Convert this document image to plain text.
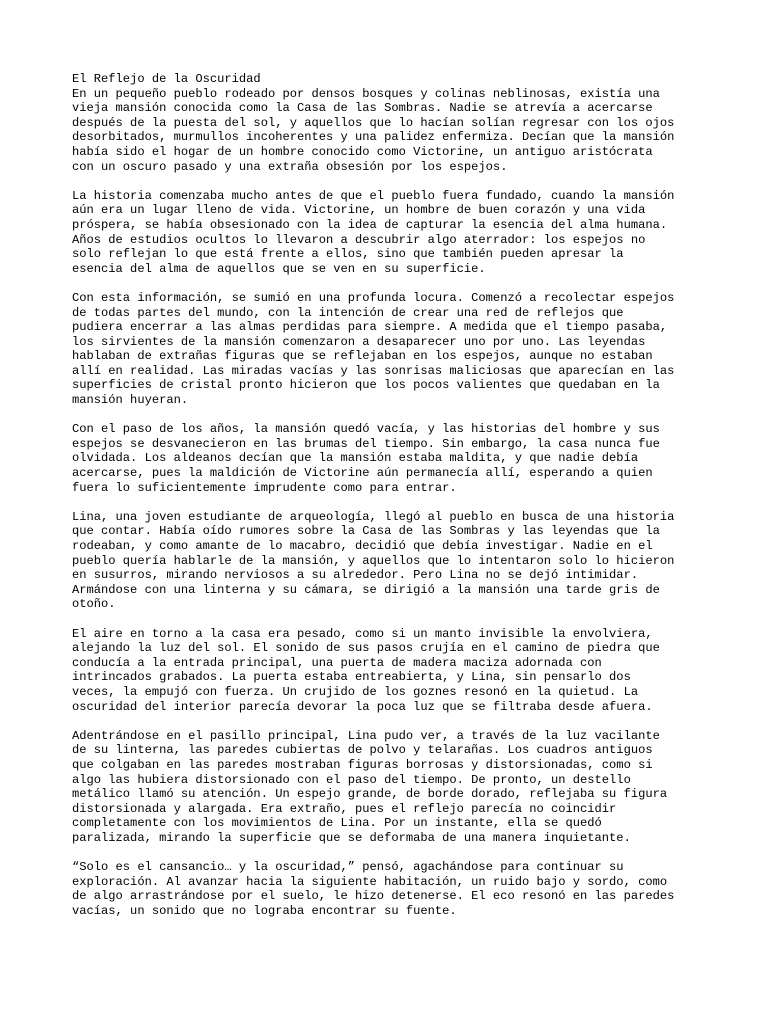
El Reflejo de la Oscuridad

En un pequeño pueblo rodeado por densos bosques y colinas neblinosas, existía una
vieja mansión conocida como la Casa de las Sombras. Nadie se atrevía a acercarse
después de la puesta del sol, y aquellos que lo hacían solían regresar con los ojos
desorbitados, murmullos incoherentes y una palidez enfermiza. Decían que la mansión
había sido el hogar de un hombre conocido como Victorine, un antiguo aristócrata
con un oscuro pasado y una extraña obsesión por los espejos.

La historia comenzaba mucho antes de que el pueblo fuera fundado, cuando la mansión
aún era un lugar lleno de vida. Victorine, un hombre de buen corazón y una vida
próspera, se había obsesionado con la idea de capturar la esencia del alma humana.
Años de estudios ocultos lo llevaron a descubrir algo aterrador: los espejos no
solo reflejan lo que está frente a ellos, sino que también pueden apresar la
esencia del alma de aquellos que se ven en su superficie.

Con esta información, se sumió en una profunda locura. Comenzó a recolectar espejos
de todas partes del mundo, con la intención de crear una red de reflejos que
pudiera encerrar a las almas perdidas para siempre. A medida que el tiempo pasaba,
los sirvientes de la mansión comenzaron a desaparecer uno por uno. Las leyendas
hablaban de extrañas figuras que se reflejaban en los espejos, aunque no estaban
allí en realidad. Las miradas vacías y las sonrisas maliciosas que aparecían en las
superficies de cristal pronto hicieron que los pocos valientes que quedaban en la
mansión huyeran.

Con el paso de los años, la mansión quedó vacía, y las historias del hombre y sus
espejos se desvanecieron en las brumas del tiempo. Sin embargo, la casa nunca fue
olvidada. Los aldeanos decían que la mansión estaba maldita, y que nadie debía
acercarse, pues la maldición de Victorine aún permanecía allí, esperando a quien
fuera lo suficientemente imprudente como para entrar.

Lina, una joven estudiante de arqueología, llegó al pueblo en busca de una historia
que contar. Había oído rumores sobre la Casa de las Sombras y las leyendas que la
rodeaban, y como amante de lo macabro, decidió que debía investigar. Nadie en el
pueblo quería hablarle de la mansión, y aquellos que lo intentaron solo lo hicieron
en susurros, mirando nerviosos a su alrededor. Pero Lina no se dejó intimidar.
Armándose con una linterna y su cámara, se dirigió a la mansión una tarde gris de
otoño.

El aire en torno a la casa era pesado, como si un manto invisible la envolviera,
alejando la luz del sol. El sonido de sus pasos crujía en el camino de piedra que
conducía a la entrada principal, una puerta de madera maciza adornada con
intrincados grabados. La puerta estaba entreabierta, y Lina, sin pensarlo dos
veces, la empujó con fuerza. Un crujido de los goznes resonó en la quietud. La
oscuridad del interior parecía devorar la poca luz que se filtraba desde afuera.

Adentrándose en el pasillo principal, Lina pudo ver, a través de la luz vacilante
de su linterna, las paredes cubiertas de polvo y telarañas. Los cuadros antiguos
que colgaban en las paredes mostraban figuras borrosas y distorsionadas, como si
algo las hubiera distorsionado con el paso del tiempo. De pronto, un destello
metálico llamó su atención. Un espejo grande, de borde dorado, reflejaba su figura
distorsionada y alargada. Era extraño, pues el reflejo parecía no coincidir
completamente con los movimientos de Lina. Por un instante, ella se quedó
paralizada, mirando la superficie que se deformaba de una manera inquietante.

“Solo es el cansancio… y la oscuridad,” pensó, agachándose para continuar su
exploración. Al avanzar hacia la siguiente habitación, un ruido bajo y sordo, como
de algo arrastrándose por el suelo, le hizo detenerse. El eco resonó en las paredes
vacías, un sonido que no lograba encontrar su fuente.
